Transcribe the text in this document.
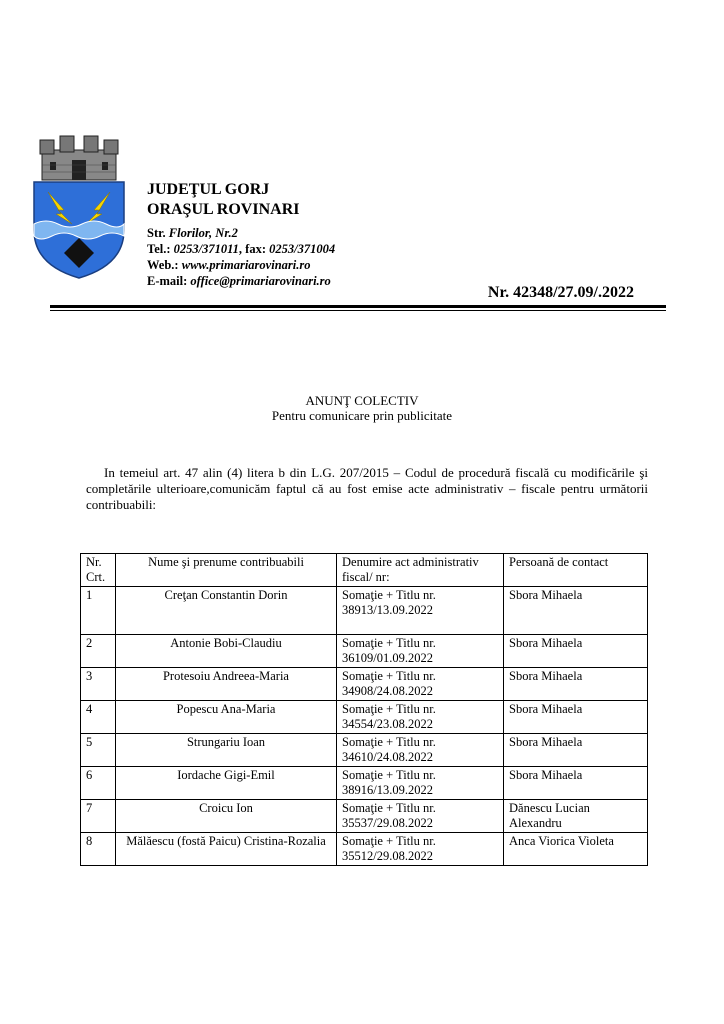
JUDEŢUL GORJ
ORAŞUL ROVINARI
Str. Florilor, Nr.2
Tel.: 0253/371011, fax: 0253/371004
Web.: www.primariarovinari.ro
E-mail: office@primariarovinari.ro
Nr. 42348/27.09/.2022
ANUNŢ COLECTIV
Pentru comunicare prin publicitate
In temeiul art. 47 alin (4) litera b din L.G. 207/2015 – Codul de procedură fiscală cu modificările şi completările ulterioare,comunicăm faptul că au fost emise acte administrativ – fiscale pentru următorii contribuabili:
Nr. Crt.	Nume şi prenume contribuabili	Denumire act administrativ fiscal/ nr:	Persoană de contact
1	Creţan Constantin Dorin	Somaţie + Titlu nr. 38913/13.09.2022	Sbora Mihaela
2	Antonie Bobi-Claudiu	Somaţie + Titlu nr. 36109/01.09.2022	Sbora Mihaela
3	Protesoiu Andreea-Maria	Somaţie + Titlu nr. 34908/24.08.2022	Sbora Mihaela
4	Popescu Ana-Maria	Somaţie + Titlu nr. 34554/23.08.2022	Sbora Mihaela
5	Strungariu Ioan	Somaţie + Titlu nr. 34610/24.08.2022	Sbora Mihaela
6	Iordache Gigi-Emil	Somaţie + Titlu nr. 38916/13.09.2022	Sbora Mihaela
7	Croicu Ion	Somaţie + Titlu nr. 35537/29.08.2022	Dănescu Lucian Alexandru
8	Mălăescu (fostă Paicu) Cristina-Rozalia	Somaţie + Titlu nr. 35512/29.08.2022	Anca Viorica Violeta
